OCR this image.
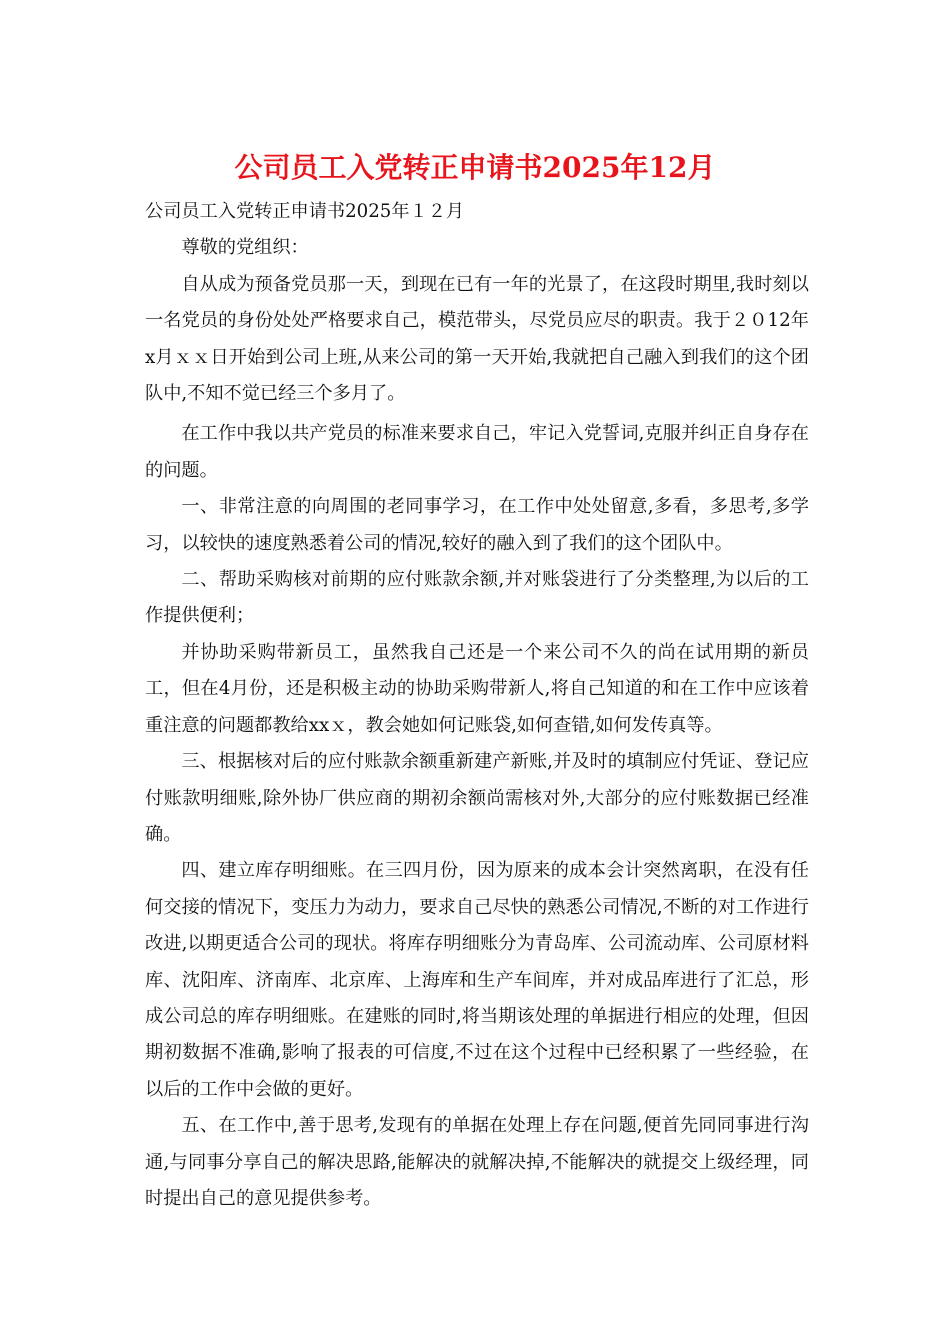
公司员工入党转正申请书2025年12月

公司员工入党转正申请书2025年１２月

尊敬的党组织：

自从成为预备党员那一天，到现在已有一年的光景了，在这段时期里,我时刻以一名党员的身份处处严格要求自己，模范带头，尽党员应尽的职责。我于２０12年x月ｘｘ日开始到公司上班,从来公司的第一天开始,我就把自己融入到我们的这个团队中,不知不觉已经三个多月了。

在工作中我以共产党员的标准来要求自己，牢记入党誓词,克服并纠正自身存在的问题。

一、非常注意的向周围的老同事学习，在工作中处处留意,多看，多思考,多学习，以较快的速度熟悉着公司的情况,较好的融入到了我们的这个团队中。

二、帮助采购核对前期的应付账款余额,并对账袋进行了分类整理,为以后的工作提供便利；

并协助采购带新员工，虽然我自己还是一个来公司不久的尚在试用期的新员工，但在4月份，还是积极主动的协助采购带新人,将自己知道的和在工作中应该着重注意的问题都教给xxｘ，教会她如何记账袋,如何查错,如何发传真等。

三、根据核对后的应付账款余额重新建产新账,并及时的填制应付凭证、登记应付账款明细账,除外协厂供应商的期初余额尚需核对外,大部分的应付账数据已经准确。

四、建立库存明细账。在三四月份，因为原来的成本会计突然离职，在没有任何交接的情况下，变压力为动力，要求自己尽快的熟悉公司情况,不断的对工作进行改进,以期更适合公司的现状。将库存明细账分为青岛库、公司流动库、公司原材料库、沈阳库、济南库、北京库、上海库和生产车间库，并对成品库进行了汇总，形成公司总的库存明细账。在建账的同时,将当期该处理的单据进行相应的处理，但因期初数据不准确,影响了报表的可信度,不过在这个过程中已经积累了一些经验，在以后的工作中会做的更好。

五、在工作中,善于思考,发现有的单据在处理上存在问题,便首先同同事进行沟通,与同事分享自己的解决思路,能解决的就解决掉,不能解决的就提交上级经理，同时提出自己的意见提供参考。
